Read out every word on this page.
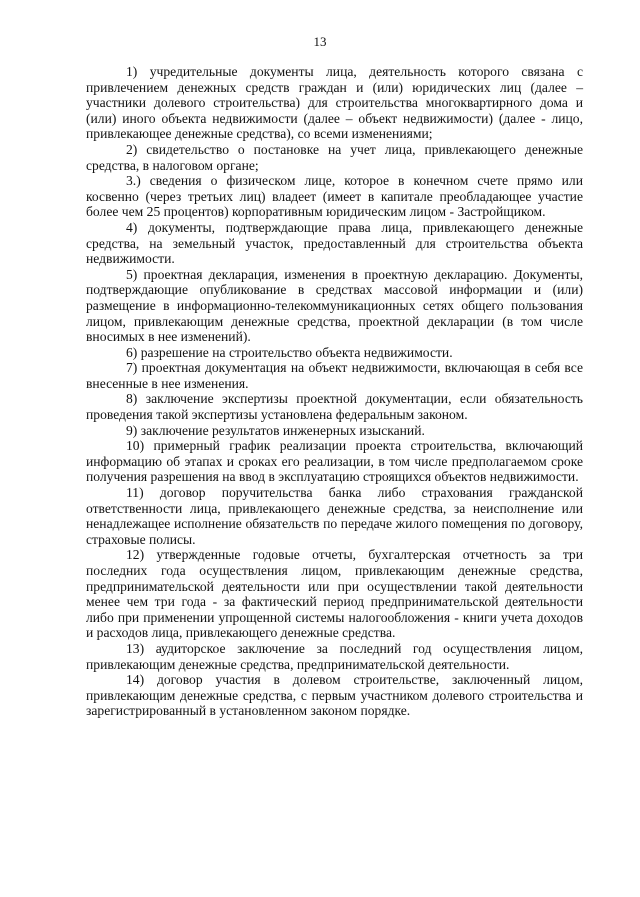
13

1) учредительные документы лица, деятельность которого связана с привлечением денежных средств граждан и (или) юридических лиц (далее – участники долевого строительства) для строительства многоквартирного дома и (или) иного объекта недвижимости (далее – объект недвижимости) (далее - лицо, привлекающее денежные средства), со всеми изменениями;

2) свидетельство о постановке на учет лица, привлекающего денежные средства, в налоговом органе;

3.) сведения о физическом лице, которое в конечном счете прямо или косвенно (через третьих лиц) владеет (имеет в капитале преобладающее участие более чем 25 процентов) корпоративным юридическим лицом - Застройщиком.

4) документы, подтверждающие права лица, привлекающего денежные средства, на земельный участок, предоставленный для строительства объекта недвижимости.

5) проектная декларация, изменения в проектную декларацию. Документы, подтверждающие опубликование в средствах массовой информации и (или) размещение в информационно-телекоммуникационных сетях общего пользования лицом, привлекающим денежные средства, проектной декларации (в том числе вносимых в нее изменений).

6) разрешение на строительство объекта недвижимости.

7) проектная документация на объект недвижимости, включающая в себя все внесенные в нее изменения.

8) заключение экспертизы проектной документации, если обязательность проведения такой экспертизы установлена федеральным законом.

9) заключение результатов инженерных изысканий.

10) примерный график реализации проекта строительства, включающий информацию об этапах и сроках его реализации, в том числе предполагаемом сроке получения разрешения на ввод в эксплуатацию строящихся объектов недвижимости.

11) договор поручительства банка либо страхования гражданской ответственности лица, привлекающего денежные средства, за неисполнение или ненадлежащее исполнение обязательств по передаче жилого помещения по договору, страховые полисы.

12) утвержденные годовые отчеты, бухгалтерская отчетность за три последних года осуществления лицом, привлекающим денежные средства, предпринимательской деятельности или при осуществлении такой деятельности менее чем три года - за фактический период предпринимательской деятельности либо при применении упрощенной системы налогообложения - книги учета доходов и расходов лица, привлекающего денежные средства.

13) аудиторское заключение за последний год осуществления лицом, привлекающим денежные средства, предпринимательской деятельности.

14) договор участия в долевом строительстве, заключенный лицом, привлекающим денежные средства, с первым участником долевого строительства и зарегистрированный в установленном законом порядке.
